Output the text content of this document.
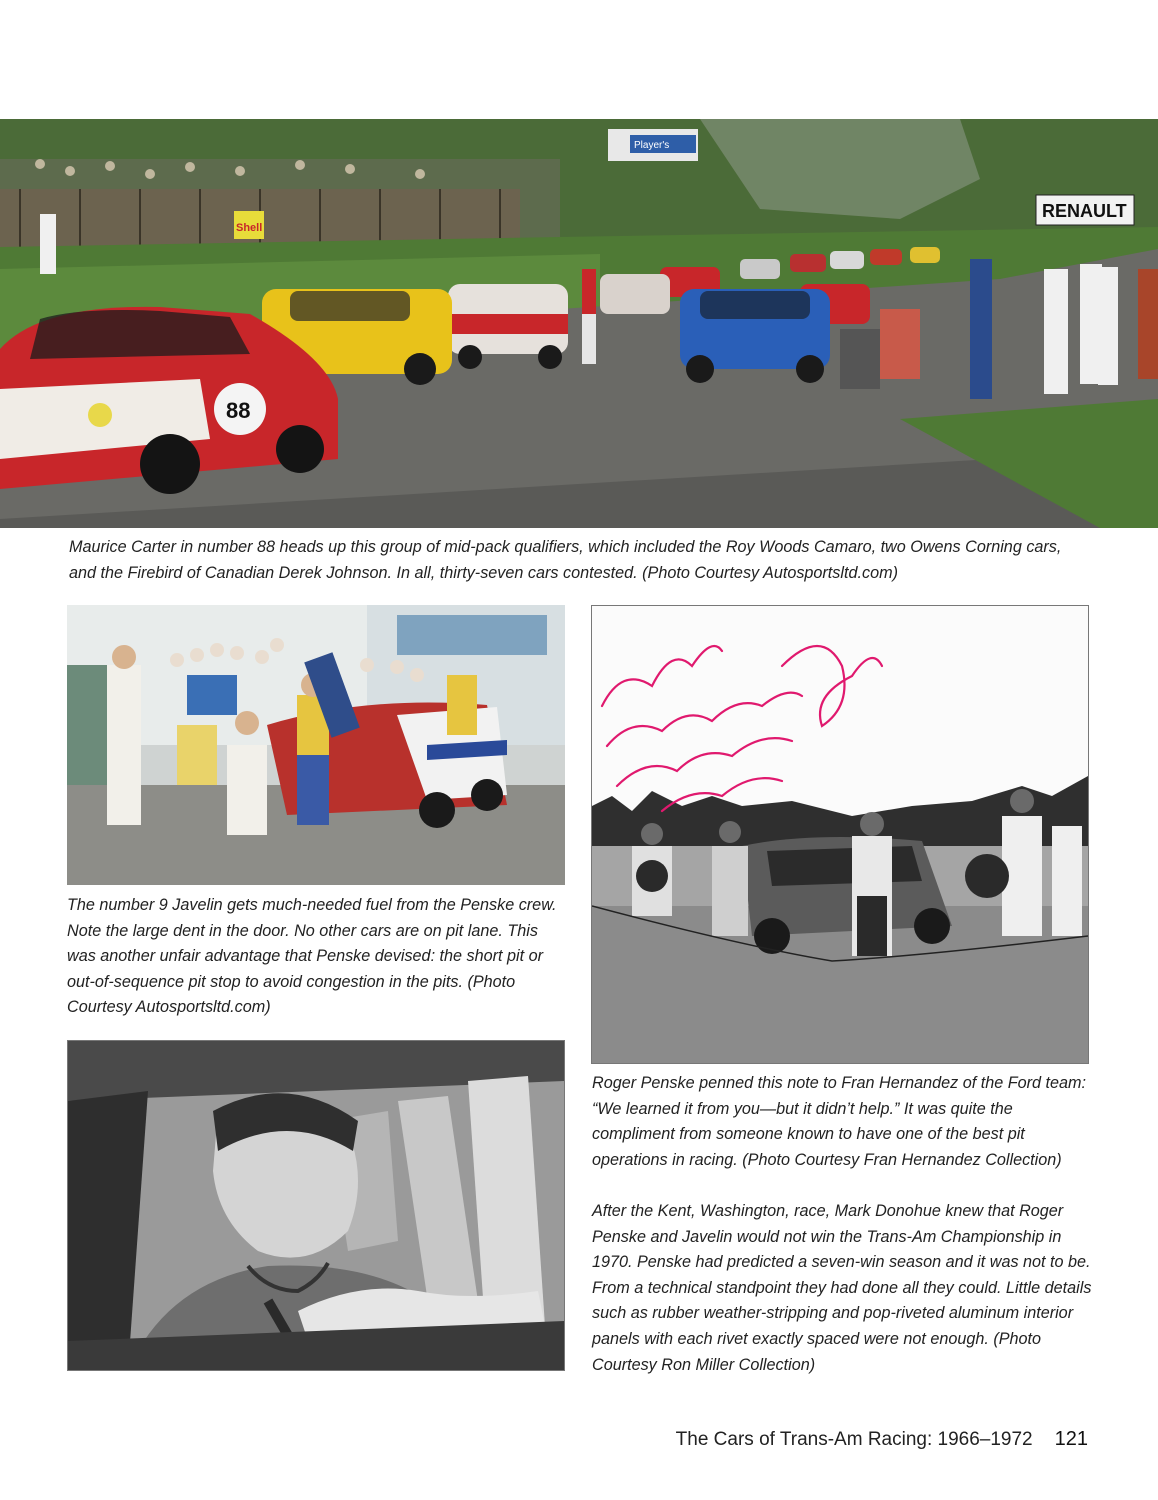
Shell
Player's
RENAULT
88

Maurice Carter in number 88 heads up this group of mid-pack qualifiers, which included the Roy Woods Camaro, two Owens Corning cars, and the Firebird of Canadian Derek Johnson. In all, thirty-seven cars contested. (Photo Courtesy Autosportsltd.com)

The number 9 Javelin gets much-needed fuel from the Penske crew. Note the large dent in the door. No other cars are on pit lane. This was another unfair advantage that Penske devised: the short pit or out-of-sequence pit stop to avoid congestion in the pits. (Photo Courtesy Autosportsltd.com)

Roger Penske penned this note to Fran Hernandez of the Ford team: “We learned it from you—but it didn’t help.” It was quite the compliment from someone known to have one of the best pit operations in racing. (Photo Courtesy Fran Hernandez Collection)

After the Kent, Washington, race, Mark Donohue knew that Roger Penske and Javelin would not win the Trans-Am Championship in 1970. Penske had predicted a seven-win season and it was not to be. From a technical standpoint they had done all they could. Little details such as rubber weather-stripping and pop-riveted aluminum interior panels with each rivet exactly spaced were not enough. (Photo Courtesy Ron Miller Collection)

The Cars of Trans-Am Racing: 1966–1972 121
